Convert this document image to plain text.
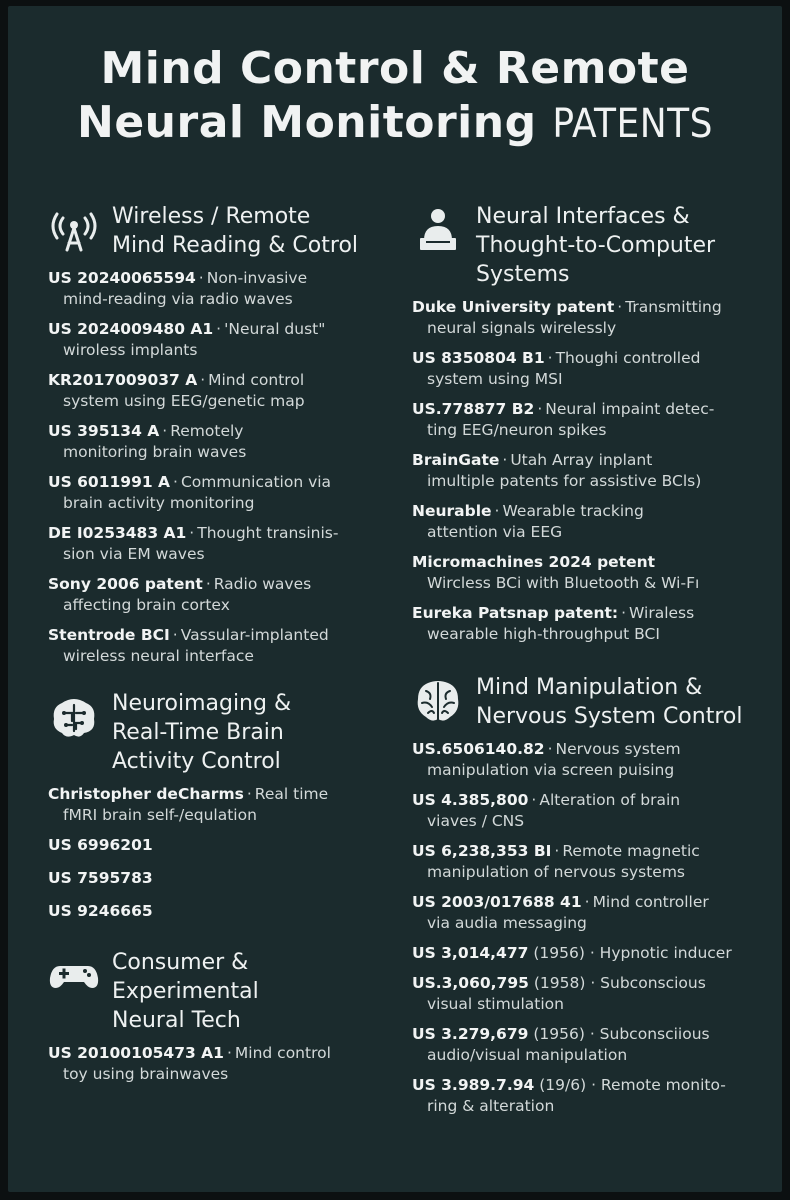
Mind Control & Remote
Neural Monitoring PATENTS
Wireless / Remote
Mind Reading & Cotrol
US 20240065594 · Non-invasive
mind-reading via radio waves
US 2024009480 A1 · 'Neural dust"
wiroless implants
KR2017009037 A · Mind control
system using EEG/genetic map
US 395134 A · Remotely
monitoring brain waves
US 6011991 A · Communication via
brain activity monitoring
DE I0253483 A1 · Thought transinis-
sion via EM waves
Sony 2006 patent · Radio waves
affecting brain cortex
Stentrode BCI · Vassular-implanted
wireless neural interface
Neuroimaging &
Real-Time Brain
Activity Control
Christopher deCharms · Real time
fMRI brain self-/equlation
US 6996201
US 7595783
US 9246665
Consumer &
Experimental
Neural Tech
US 20100105473 A1 · Mind control
toy using brainwaves
Neural Interfaces &
Thought-to-Computer
Systems
Duke University patent · Transmitting
neural signals wirelessly
US 8350804 B1 · Thoughi controlled
system using MSI
US.778877 B2 · Neural impaint detec-
ting EEG/neuron spikes
BrainGate · Utah Array inplant
imultiple patents for assistive BCls)
Neurable · Wearable tracking
attention via EEG
Micromachines 2024 petent
Wircless BCi with Bluetooth & Wi-Fı
Eureka Patsnap patent: · Wiraless
wearable high-throughput BCI
Mind Manipulation &
Nervous System Control
US.6506140.82 · Nervous system
manipulation via screen puising
US 4.385,800 · Alteration of brain
viaves / CNS
US 6,238,353 BI · Remote magnetic
manipulation of nervous systems
US 2003/017688 41 · Mind controller
via audia messaging
US 3,014,477 (1956) · Hypnotic inducer
US.3,060,795 (1958) · Subconscious
visual stimulation
US 3.279,679 (1956) · Subconsciious
audio/visual manipulation
US 3.989.7.94 (19/6) · Remote monito-
ring & alteration
